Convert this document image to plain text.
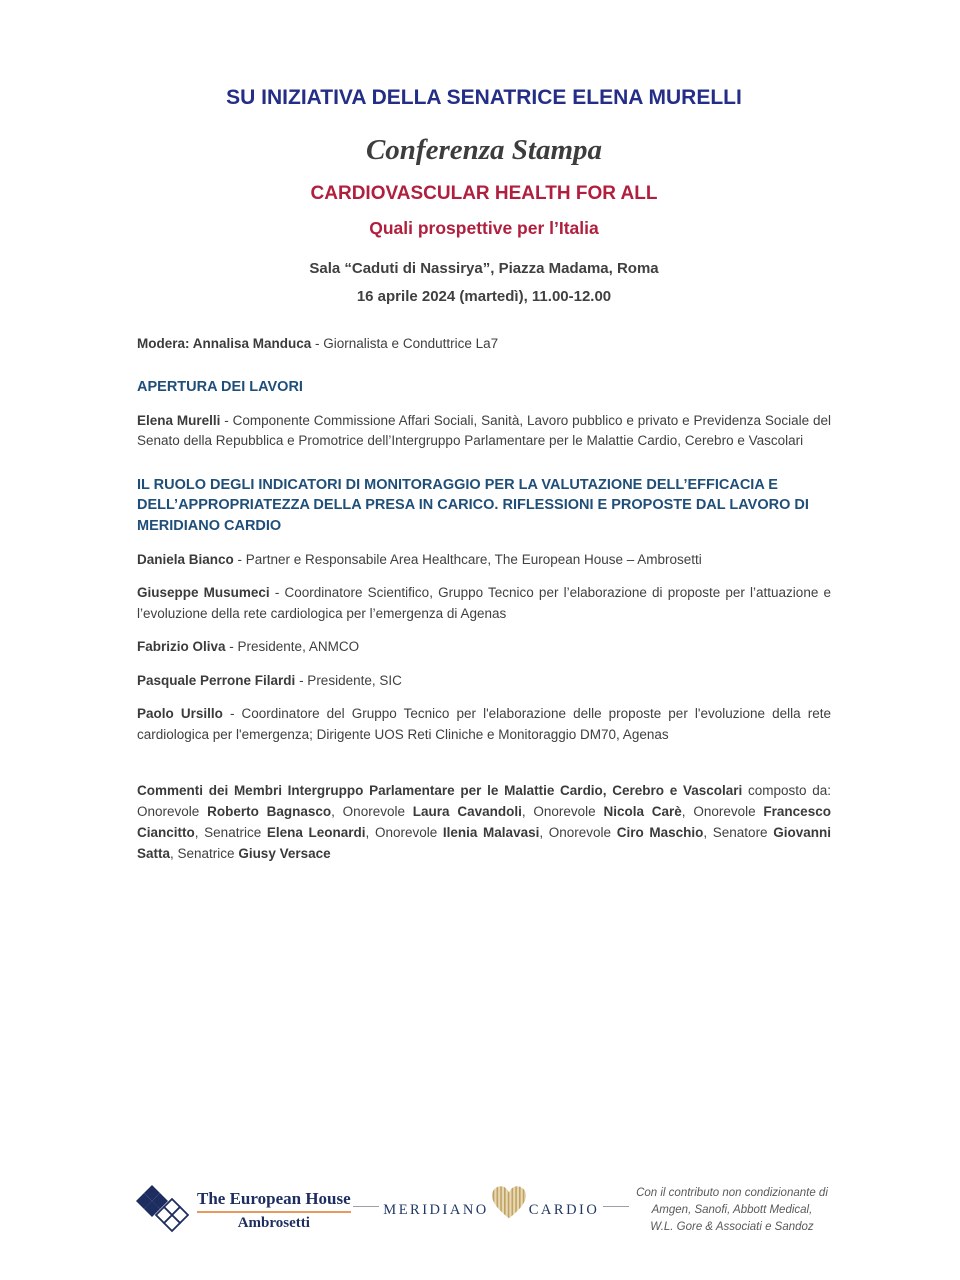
SU INIZIATIVA DELLA SENATRICE ELENA MURELLI

Conferenza Stampa

CARDIOVASCULAR HEALTH FOR ALL

Quali prospettive per l’Italia

Sala “Caduti di Nassirya”, Piazza Madama, Roma

16 aprile 2024 (martedì), 11.00-12.00

Modera: Annalisa Manduca - Giornalista e Conduttrice La7

APERTURA DEI LAVORI

Elena Murelli - Componente Commissione Affari Sociali, Sanità, Lavoro pubblico e privato e Previdenza Sociale del Senato della Repubblica e Promotrice dell’Intergruppo Parlamentare per le Malattie Cardio, Cerebro e Vascolari

IL RUOLO DEGLI INDICATORI DI MONITORAGGIO PER LA VALUTAZIONE DELL’EFFICACIA E DELL’APPROPRIATEZZA DELLA PRESA IN CARICO. RIFLESSIONI E PROPOSTE DAL LAVORO DI MERIDIANO CARDIO

Daniela Bianco - Partner e Responsabile Area Healthcare, The European House – Ambrosetti

Giuseppe Musumeci - Coordinatore Scientifico, Gruppo Tecnico per l’elaborazione di proposte per l’attuazione e l’evoluzione della rete cardiologica per l’emergenza di Agenas

Fabrizio Oliva - Presidente, ANMCO

Pasquale Perrone Filardi - Presidente, SIC

Paolo Ursillo - Coordinatore del Gruppo Tecnico per l'elaborazione delle proposte per l'evoluzione della rete cardiologica per l'emergenza; Dirigente UOS Reti Cliniche e Monitoraggio DM70, Agenas

Commenti dei Membri Intergruppo Parlamentare per le Malattie Cardio, Cerebro e Vascolari composto da: Onorevole Roberto Bagnasco, Onorevole Laura Cavandoli, Onorevole Nicola Carè, Onorevole Francesco Ciancitto, Senatrice Elena Leonardi, Onorevole Ilenia Malavasi, Onorevole Ciro Maschio, Senatore Giovanni Satta, Senatrice Giusy Versace

The European House
Ambrosetti
MERIDIANO	CARDIO
Con il contributo non condizionante di
Amgen, Sanofi, Abbott Medical,
W.L. Gore & Associati e Sandoz
